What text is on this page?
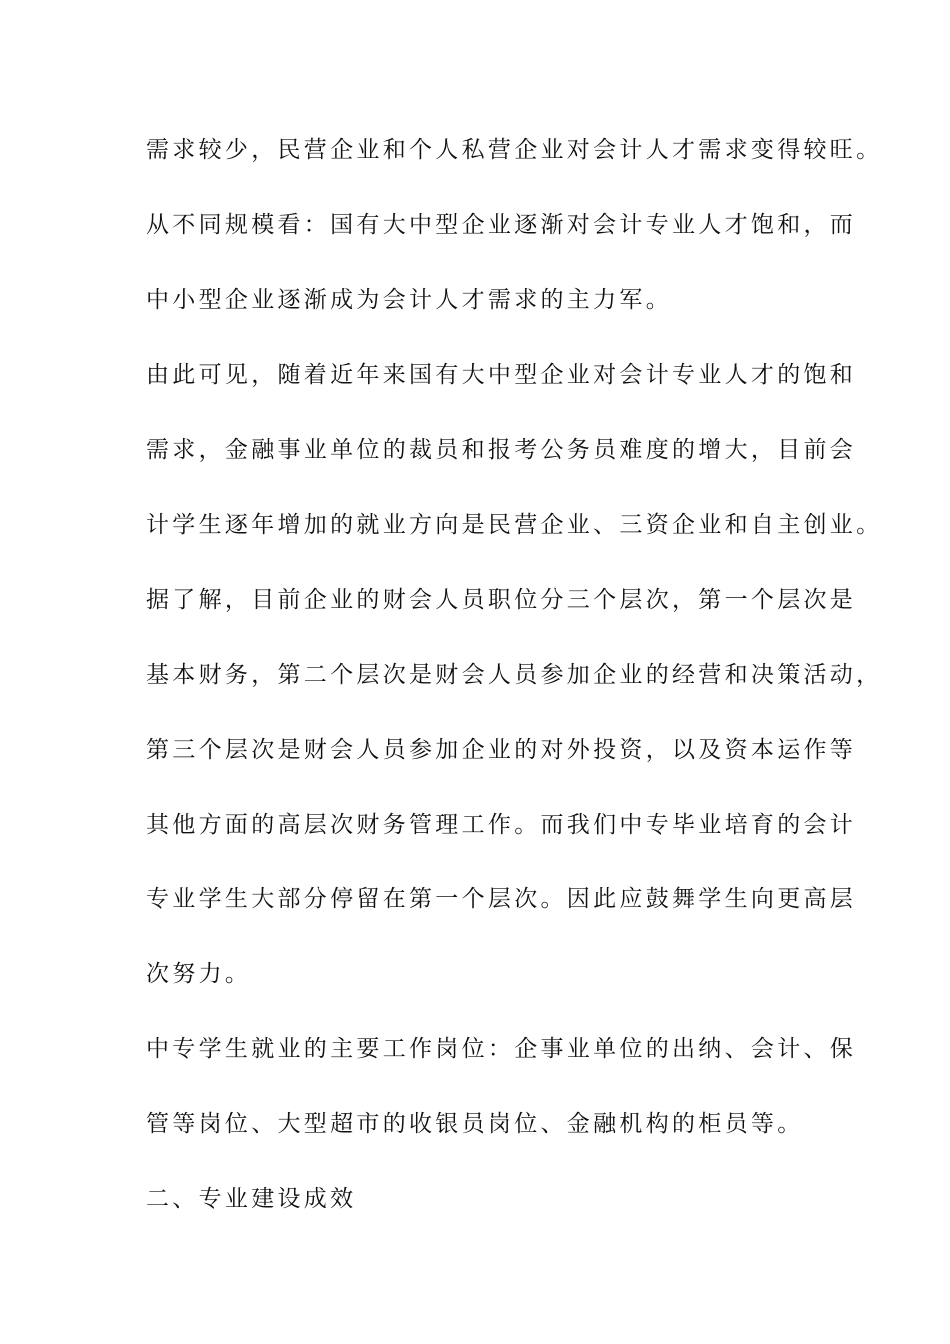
需求较少，民营企业和个人私营企业对会计人才需求变得较旺。
从不同规模看：国有大中型企业逐渐对会计专业人才饱和，而
中小型企业逐渐成为会计人才需求的主力军。
由此可见，随着近年来国有大中型企业对会计专业人才的饱和
需求，金融事业单位的裁员和报考公务员难度的增大，目前会
计学生逐年增加的就业方向是民营企业、三资企业和自主创业。
据了解，目前企业的财会人员职位分三个层次，第一个层次是
基本财务，第二个层次是财会人员参加企业的经营和决策活动，
第三个层次是财会人员参加企业的对外投资，以及资本运作等
其他方面的高层次财务管理工作。而我们中专毕业培育的会计
专业学生大部分停留在第一个层次。因此应鼓舞学生向更高层
次努力。
中专学生就业的主要工作岗位：企事业单位的出纳、会计、保
管等岗位、大型超市的收银员岗位、金融机构的柜员等。
二、专业建设成效
